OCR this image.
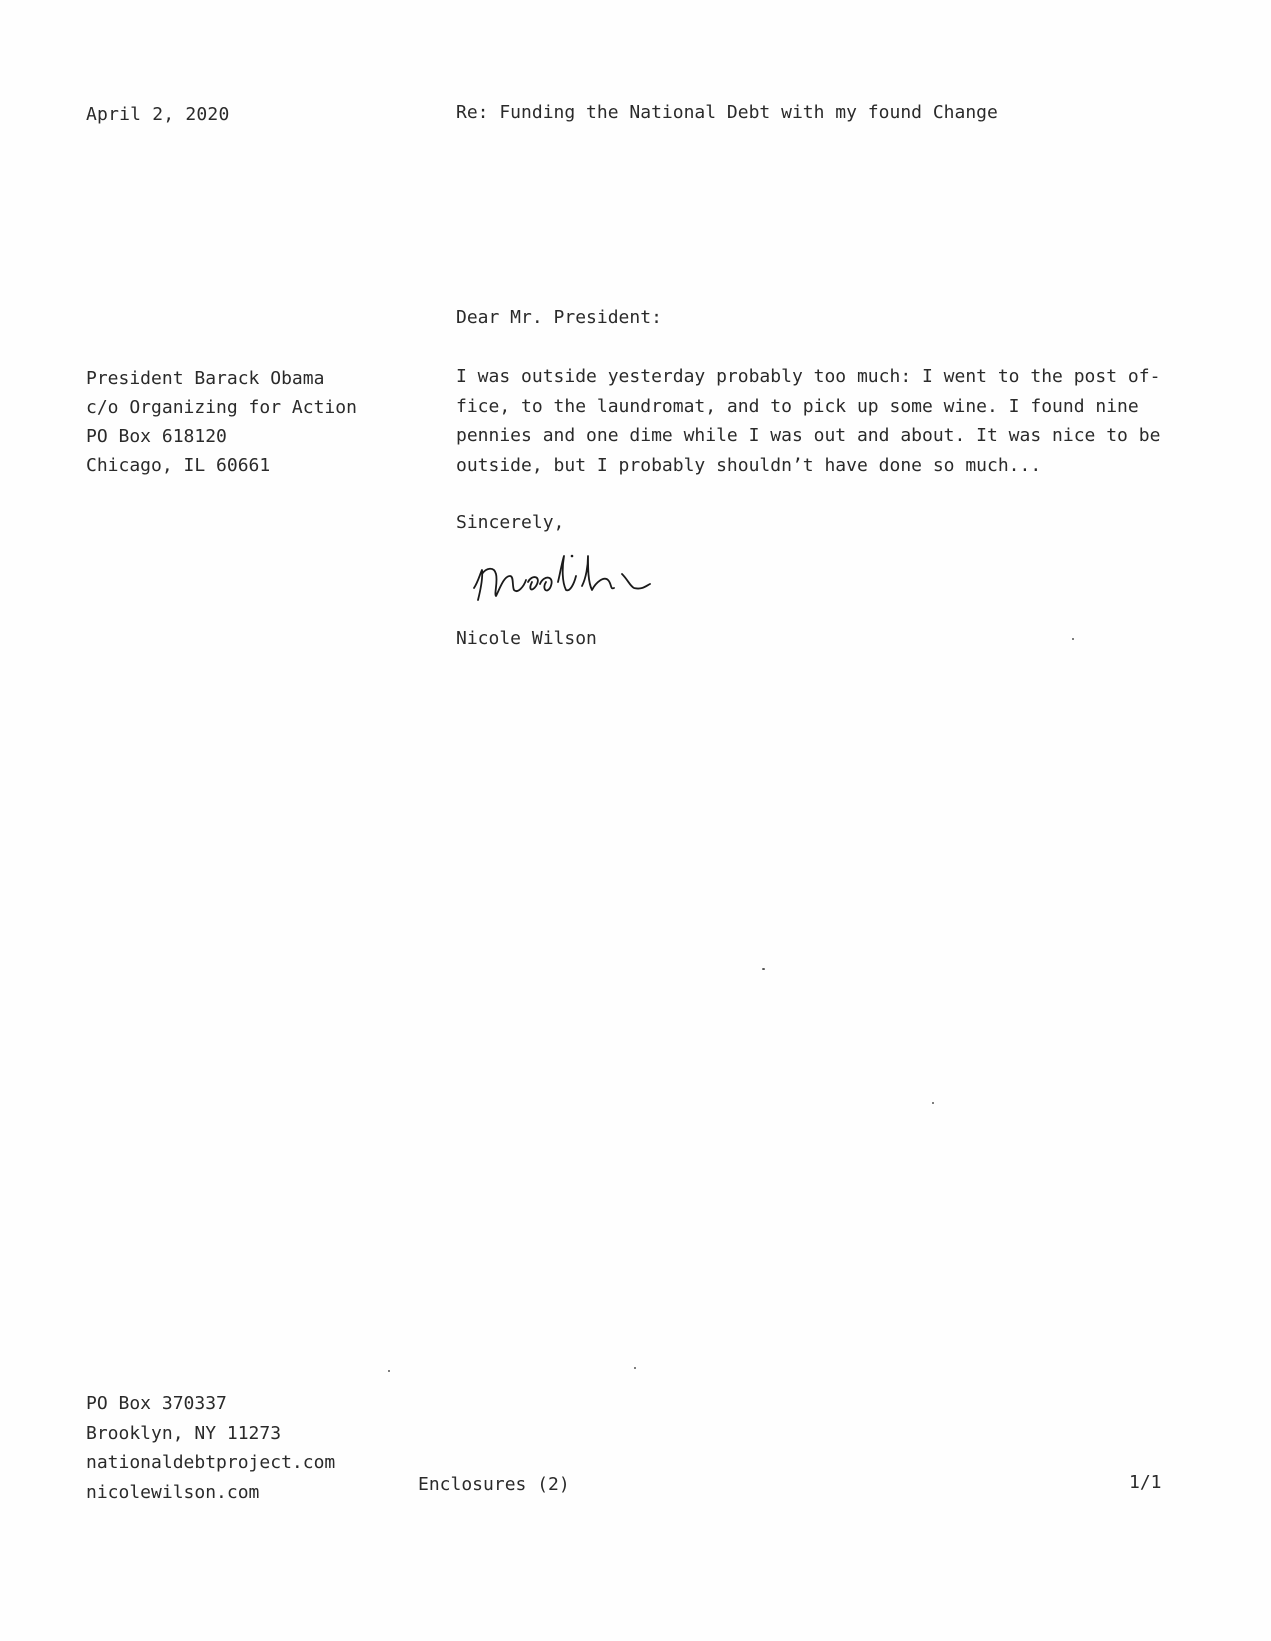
April 2, 2020	Re: Funding the National Debt with my found Change
President Barack Obama
c/o Organizing for Action
PO Box 618120
Chicago, IL 60661
Dear Mr. President:
I was outside yesterday probably too much: I went to the post of-
fice, to the laundromat, and to pick up some wine. I found nine
pennies and one dime while I was out and about. It was nice to be
outside, but I probably shouldn’t have done so much...
Sincerely,
Nicole Wilson
PO Box 370337
Brooklyn, NY 11273
nationaldebtproject.com
nicolewilson.com	Enclosures (2)	1/1
